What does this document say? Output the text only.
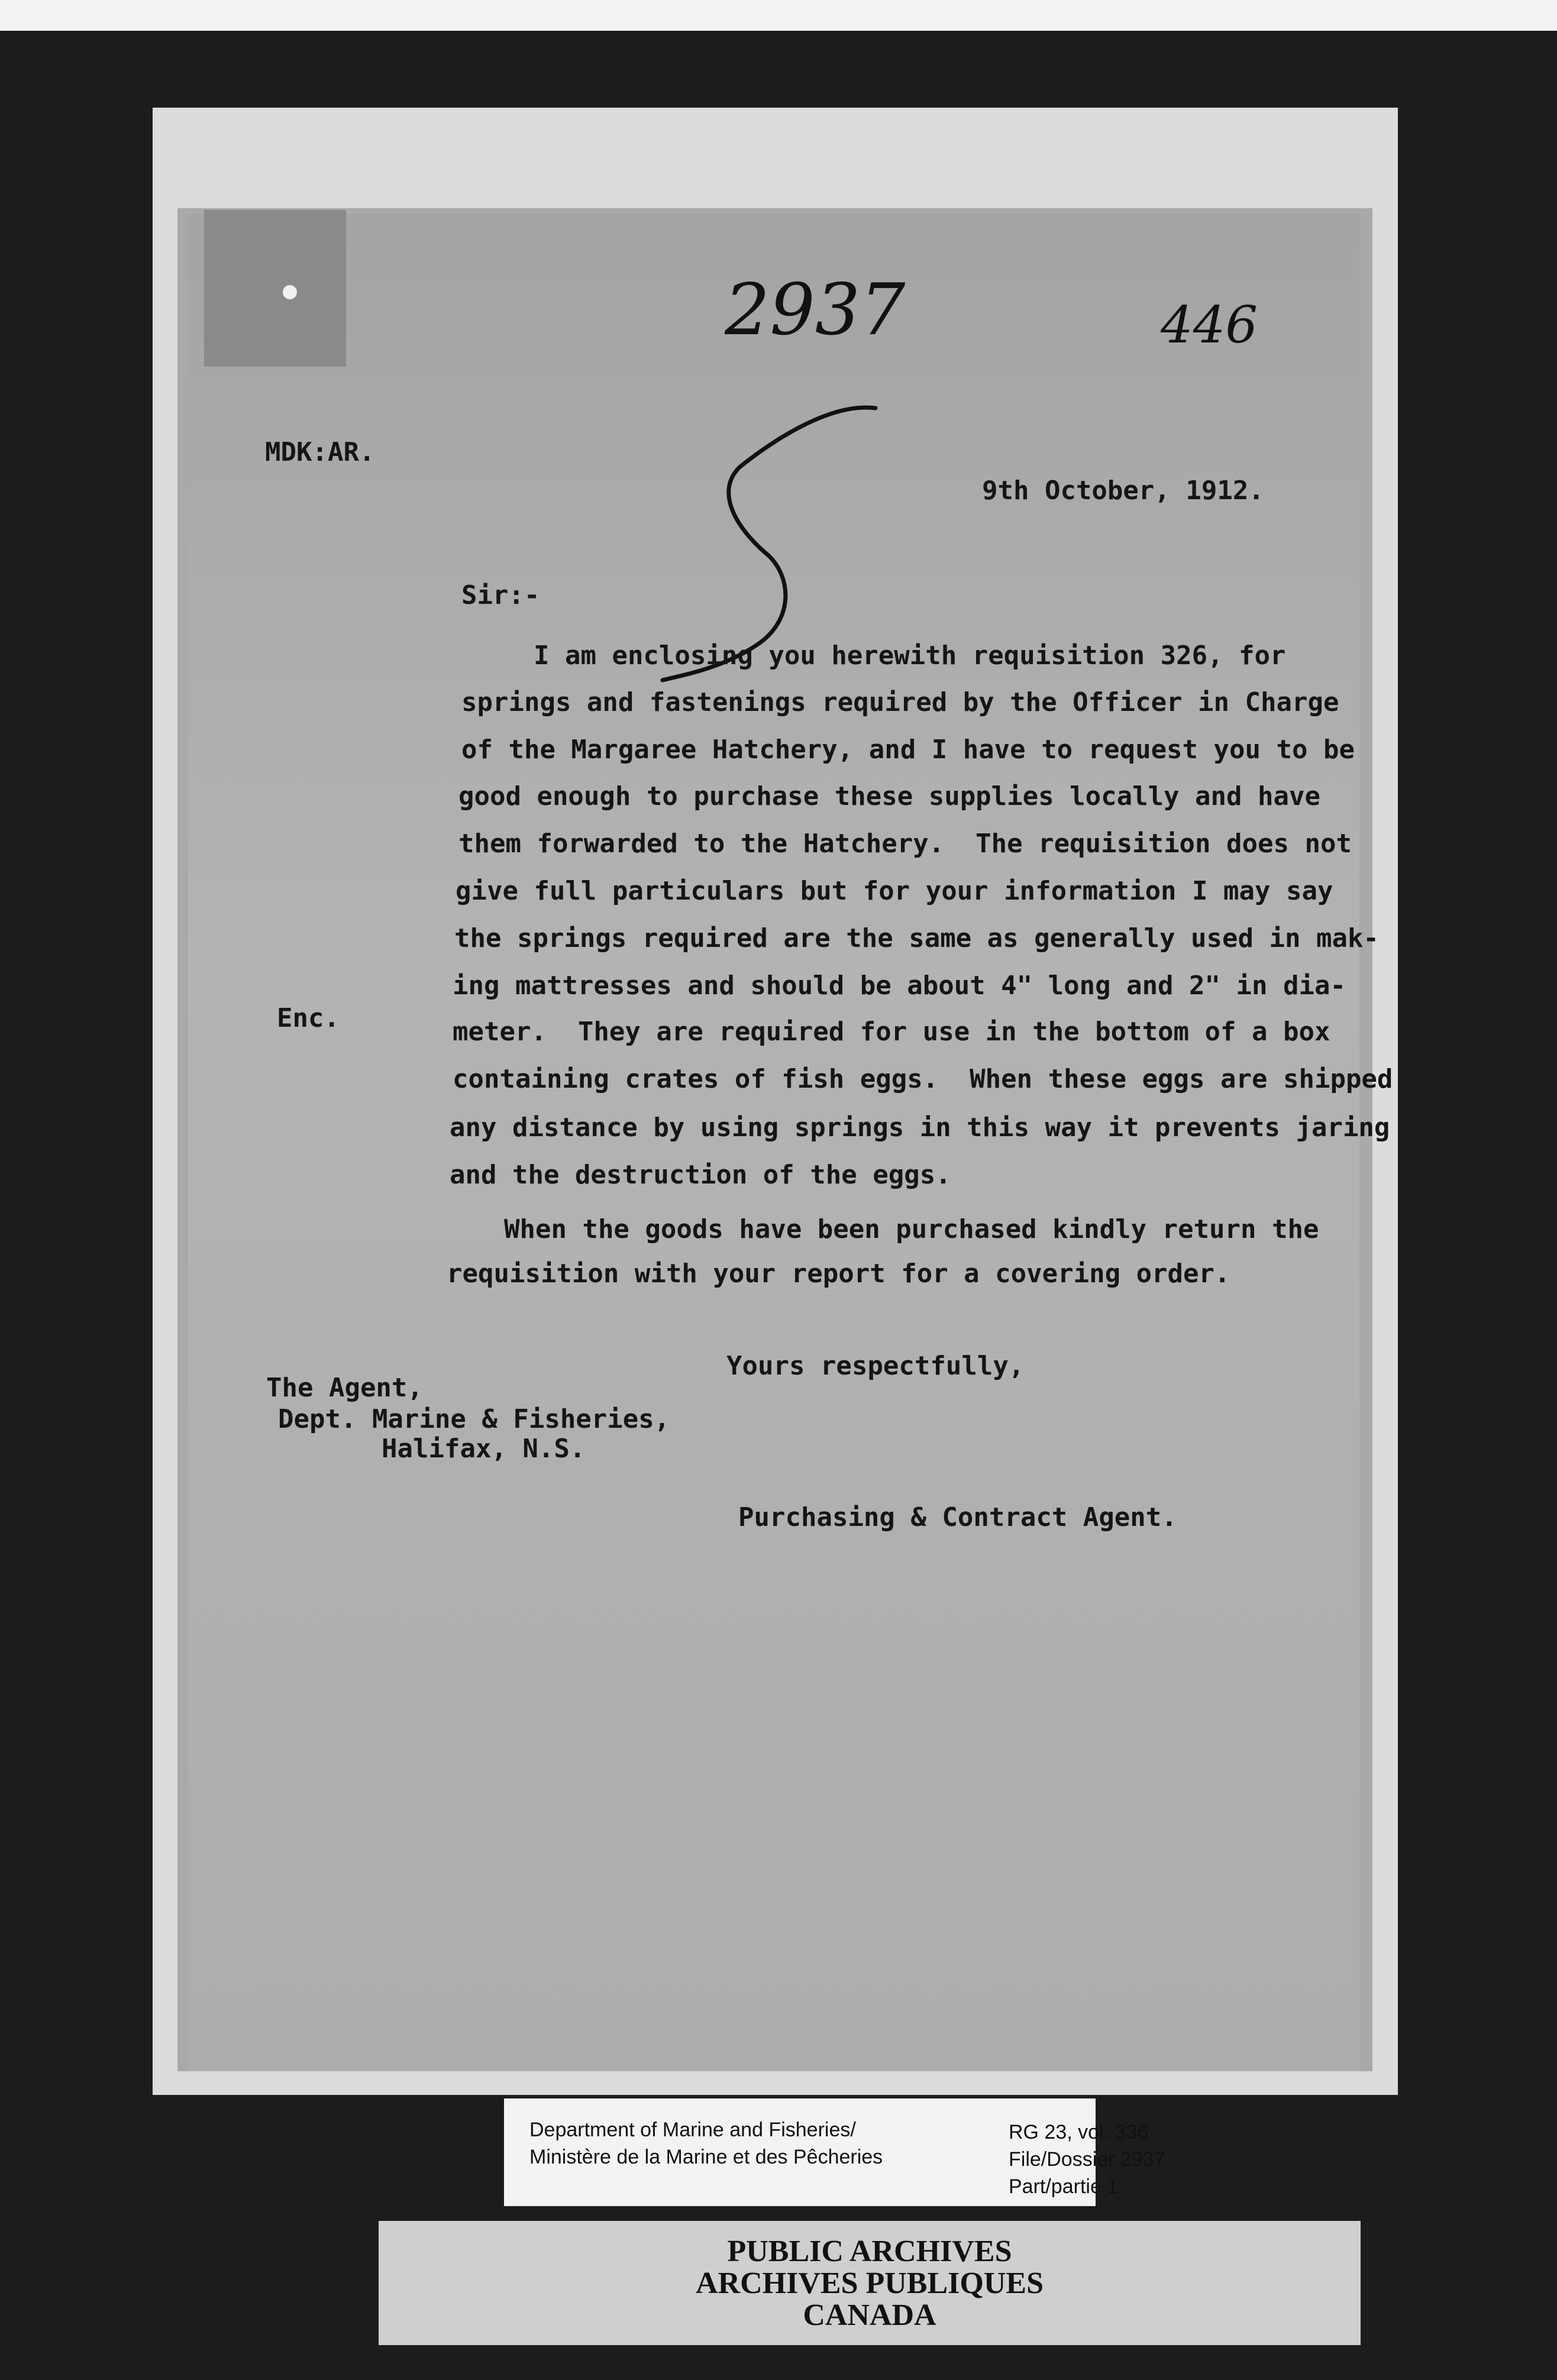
2937	446
MDK:AR.
9th October, 1912.
Sir:-
I am enclosing you herewith requisition 326, for
springs and fastenings required by the Officer in Charge
of the Margaree Hatchery, and I have to request you to be
good enough to purchase these supplies locally and have
them forwarded to the Hatchery.  The requisition does not
give full particulars but for your information I may say
the springs required are the same as generally used in mak-
ing mattresses and should be about 4" long and 2" in dia-
meter.  They are required for use in the bottom of a box
containing crates of fish eggs.  When these eggs are shipped
any distance by using springs in this way it prevents jaring
and the destruction of the eggs.
When the goods have been purchased kindly return the
requisition with your report for a covering order.
Enc.
Yours respectfully,
The Agent,
Dept. Marine & Fisheries,
Halifax, N.S.
Purchasing & Contract Agent.
Department of Marine and Fisheries/
Ministère de la Marine et des Pêcheries
RG 23, vol. 336
File/Dossier 2937
Part/partie 1
PUBLIC ARCHIVES
ARCHIVES PUBLIQUES
CANADA
